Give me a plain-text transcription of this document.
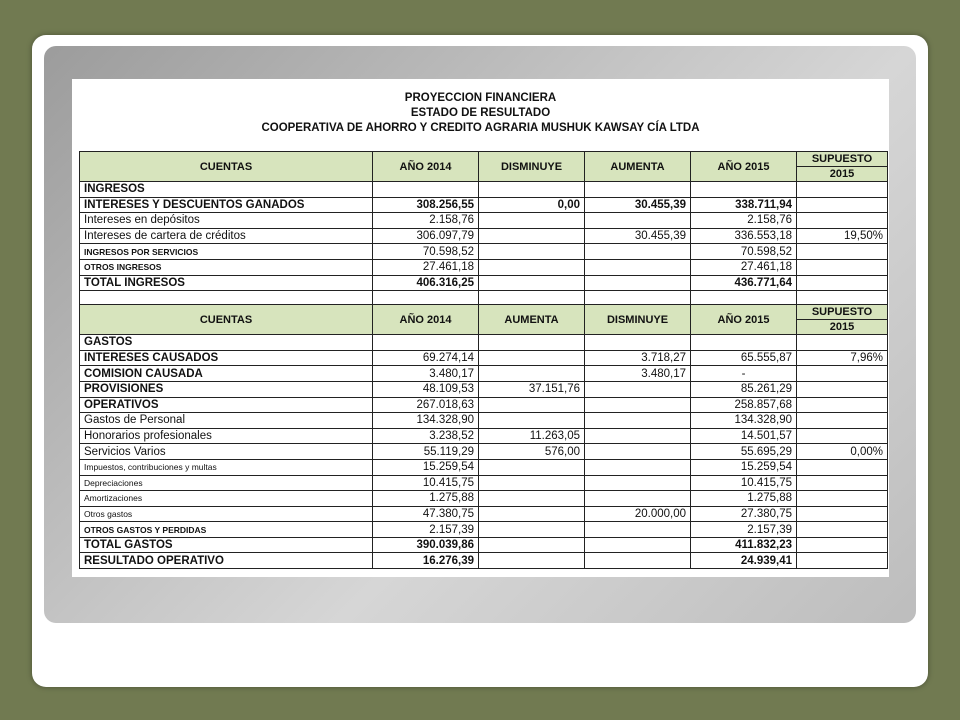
PROYECCION FINANCIERA
ESTADO DE RESULTADO
COOPERATIVA DE AHORRO Y CREDITO AGRARIA MUSHUK KAWSAY CÍA LTDA
CUENTAS	AÑO 2014	DISMINUYE	AUMENTA	AÑO 2015	SUPUESTO
					2015
INGRESOS					
INTERESES Y DESCUENTOS GANADOS	308.256,55	0,00	30.455,39	338.711,94	
Intereses en depósitos	2.158,76			2.158,76	
Intereses de cartera de créditos	306.097,79		30.455,39	336.553,18	19,50%
INGRESOS POR SERVICIOS	70.598,52			70.598,52	
OTROS INGRESOS	27.461,18			27.461,18	
TOTAL INGRESOS	406.316,25			436.771,64	

CUENTAS	AÑO 2014	AUMENTA	DISMINUYE	AÑO 2015	SUPUESTO
					2015
GASTOS					
INTERESES CAUSADOS	69.274,14		3.718,27	65.555,87	7,96%
COMISION CAUSADA	3.480,17		3.480,17	-	
PROVISIONES	48.109,53	37.151,76		85.261,29	
OPERATIVOS	267.018,63			258.857,68	
Gastos de Personal	134.328,90			134.328,90	
Honorarios profesionales	3.238,52	11.263,05		14.501,57	
Servicios Varios	55.119,29	576,00		55.695,29	0,00%
Impuestos, contribuciones y multas	15.259,54			15.259,54	
Depreciaciones	10.415,75			10.415,75	
Amortizaciones	1.275,88			1.275,88	
Otros gastos	47.380,75		20.000,00	27.380,75	
OTROS GASTOS Y PERDIDAS	2.157,39			2.157,39	
TOTAL GASTOS	390.039,86			411.832,23	
RESULTADO OPERATIVO	16.276,39			24.939,41	
